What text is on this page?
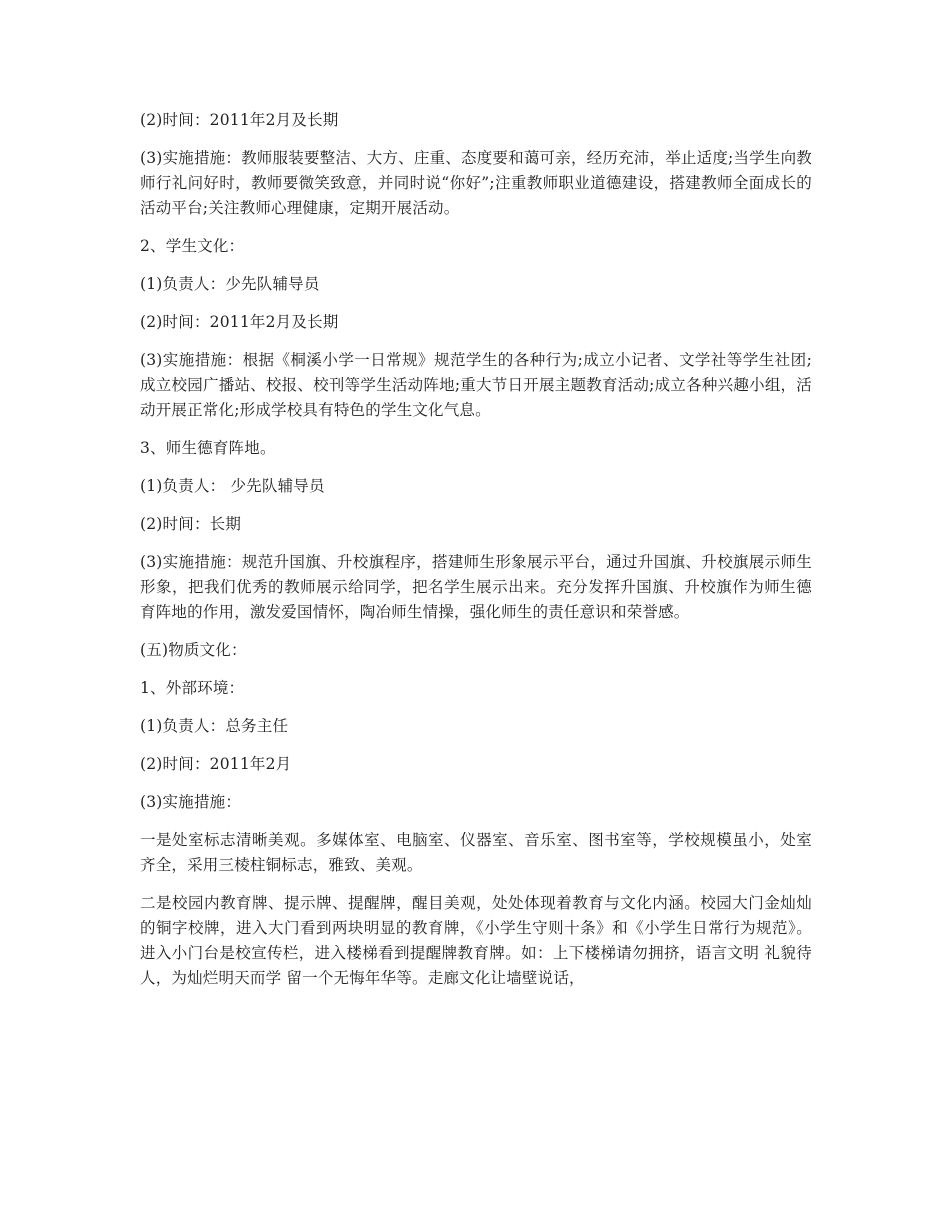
(2)时间：2011年2月及长期

(3)实施措施：教师服装要整洁、大方、庄重、态度要和蔼可亲，经历充沛，举止适度;当学生向教师行礼问好时，教师要微笑致意，并同时说“你好”;注重教师职业道德建设，搭建教师全面成长的活动平台;关注教师心理健康，定期开展活动。

2、学生文化：

(1)负责人：少先队辅导员

(2)时间：2011年2月及长期

(3)实施措施：根据《桐溪小学一日常规》规范学生的各种行为;成立小记者、文学社等学生社团;成立校园广播站、校报、校刊等学生活动阵地;重大节日开展主题教育活动;成立各种兴趣小组，活动开展正常化;形成学校具有特色的学生文化气息。

3、师生德育阵地。

(1)负责人： 少先队辅导员

(2)时间：长期

(3)实施措施：规范升国旗、升校旗程序，搭建师生形象展示平台，通过升国旗、升校旗展示师生形象，把我们优秀的教师展示给同学，把名学生展示出来。充分发挥升国旗、升校旗作为师生德育阵地的作用，激发爱国情怀，陶冶师生情操，强化师生的责任意识和荣誉感。

(五)物质文化：

1、外部环境：

(1)负责人：总务主任

(2)时间：2011年2月

(3)实施措施：

一是处室标志清晰美观。多媒体室、电脑室、仪器室、音乐室、图书室等，学校规模虽小，处室齐全，采用三棱柱铜标志，雅致、美观。

二是校园内教育牌、提示牌、提醒牌，醒目美观，处处体现着教育与文化内涵。校园大门金灿灿的铜字校牌，进入大门看到两块明显的教育牌，《小学生守则十条》和《小学生日常行为规范》。进入小门台是校宣传栏，进入楼梯看到提醒牌教育牌。如：上下楼梯请勿拥挤，语言文明 礼貌待人，为灿烂明天而学 留一个无悔年华等。走廊文化让墙壁说话，
